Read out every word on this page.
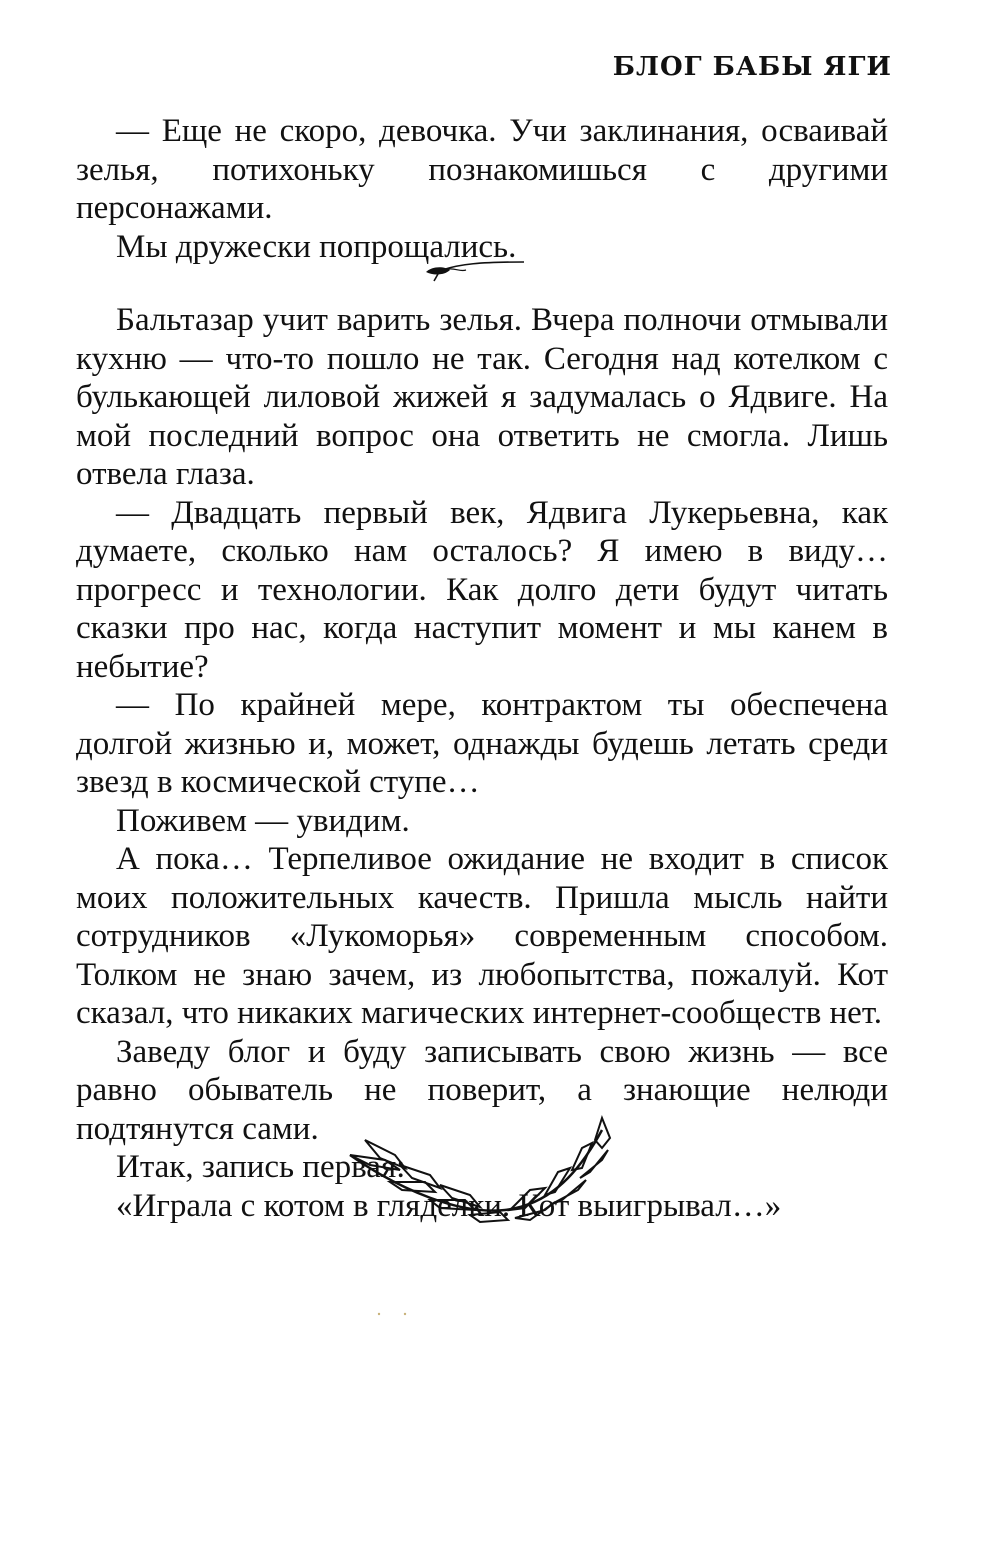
БЛОГ БАБЫ ЯГИ

— Еще не скоро, девочка. Учи заклинания, осваивай зелья, потихоньку познакомишься с другими персонажами.

Мы дружески попрощались.

Бальтазар учит варить зелья. Вчера полночи отмывали кухню — что-то пошло не так. Сегодня над котелком с булькающей лиловой жижей я задумалась о Ядвиге. На мой последний вопрос она ответить не смогла. Лишь отвела глаза.

— Двадцать первый век, Ядвига Лукерьевна, как думаете, сколько нам осталось? Я имею в виду… прогресс и технологии. Как долго дети будут читать сказки про нас, когда наступит момент и мы канем в небытие?

— По крайней мере, контрактом ты обеспечена долгой жизнью и, может, однажды будешь летать среди звезд в космической ступе…

Поживем — увидим.

А пока… Терпеливое ожидание не входит в список моих положительных качеств. Пришла мысль найти сотрудников «Лукоморья» современным способом. Толком не знаю зачем, из любопытства, пожалуй. Кот сказал, что никаких магических интернет-сообществ нет.

Заведу блог и буду записывать свою жизнь — все равно обыватель не поверит, а знающие нелюди подтянутся сами.

Итак, запись первая:

«Играла с котом в гляделки. Кот выигрывал…»
